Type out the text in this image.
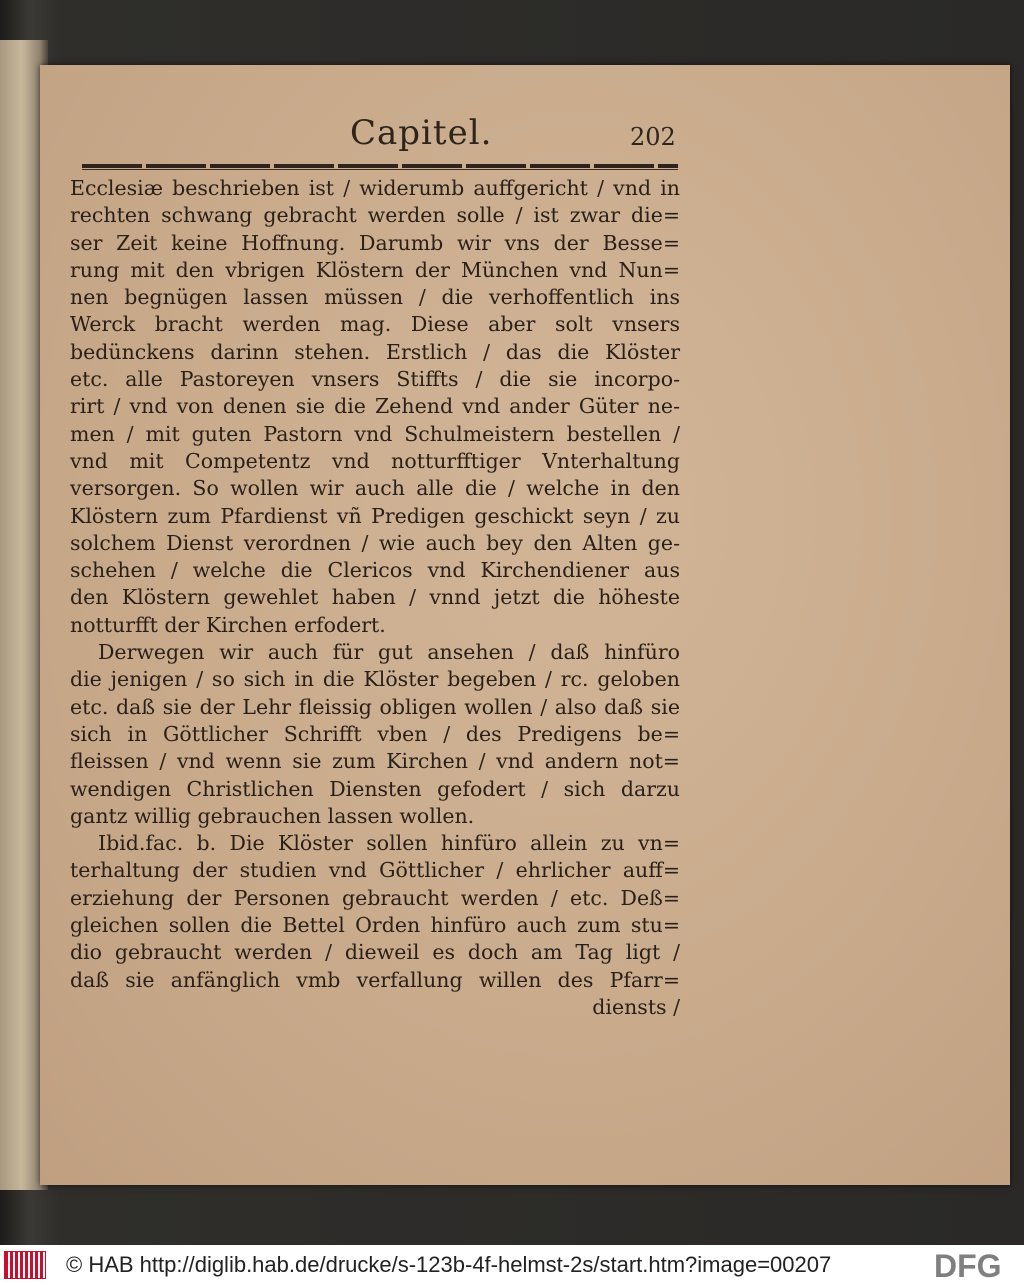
Capitel.	202
Ecclesiæ beschrieben ist / widerumb auffgericht / vnd in
rechten schwang gebracht werden solle / ist zwar die=
ser Zeit keine Hoffnung. Darumb wir vns der Besse=
rung mit den vbrigen Klöstern der München vnd Nun=
nen begnügen lassen müssen / die verhoffentlich ins
Werck bracht werden mag. Diese aber solt vnsers
bedünckens darinn stehen. Erstlich / das die Klöster
etc. alle Pastoreyen vnsers Stiffts / die sie incorpo-
rirt / vnd von denen sie die Zehend vnd ander Güter ne-
men / mit guten Pastorn vnd Schulmeistern bestellen /
vnd mit Competentz vnd notturfftiger Vnterhaltung
versorgen. So wollen wir auch alle die / welche in den
Klöstern zum Pfardienst vñ Predigen geschickt seyn / zu
solchem Dienst verordnen / wie auch bey den Alten ge-
schehen / welche die Clericos vnd Kirchendiener aus
den Klöstern gewehlet haben / vnnd jetzt die höheste
notturfft der Kirchen erfodert.
Derwegen wir auch für gut ansehen / daß hinfüro
die jenigen / so sich in die Klöster begeben / rc. geloben
etc. daß sie der Lehr fleissig obligen wollen / also daß sie
sich in Göttlicher Schrifft vben / des Predigens be=
fleissen / vnd wenn sie zum Kirchen / vnd andern not=
wendigen Christlichen Diensten gefodert / sich darzu
gantz willig gebrauchen lassen wollen.
Ibid.fac. b. Die Klöster sollen hinfüro allein zu vn=
terhaltung der studien vnd Göttlicher / ehrlicher auff=
erziehung der Personen gebraucht werden / etc. Deß=
gleichen sollen die Bettel Orden hinfüro auch zum stu=
dio gebraucht werden / dieweil es doch am Tag ligt /
daß sie anfänglich vmb verfallung willen des Pfarr=
diensts /
© HAB http://diglib.hab.de/drucke/s-123b-4f-helmst-2s/start.htm?image=00207	DFG
